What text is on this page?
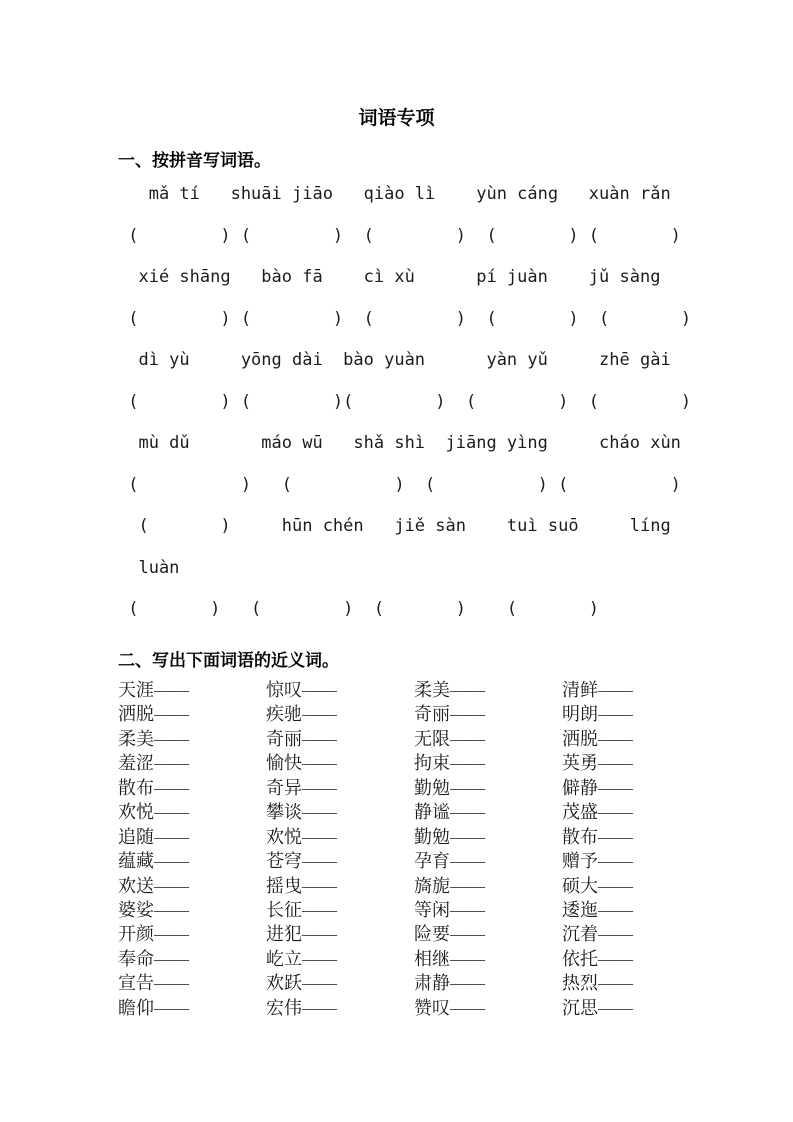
词语专项
一、按拼音写词语。
mǎ tí   shuāi jiāo   qiào lì    yùn cáng   xuàn rǎn
(        ) (        )  (        )  (       ) (       )
xié shāng   bào fā    cì xù      pí juàn    jǔ sàng
(        ) (        )  (        )  (       )  (       )
dì yù     yōng dài  bào yuàn      yàn yǔ     zhē gài
(        ) (        )(        )  (        )  (        )
mù dǔ       máo wū   shǎ shì  jiāng yìng     cháo xùn
(          )   (          )  (          ) (          )
(       )     hūn chén   jiě sàn    tuì suō     líng
luàn
(       )   (        )  (       )    (       )
二、写出下面词语的近义词。
天涯——	惊叹——	柔美——	清鲜——
洒脱——	疾驰——	奇丽——	明朗——
柔美——	奇丽——	无限——	洒脱——
羞涩——	愉快——	拘束——	英勇——
散布——	奇异——	勤勉——	僻静——
欢悦——	攀谈——	静谧——	茂盛——
追随——	欢悦——	勤勉——	散布——
蕴藏——	苍穹——	孕育——	赠予——
欢送——	摇曳——	旖旎——	硕大——
婆娑——	长征——	等闲——	逶迤——
开颜——	进犯——	险要——	沉着——
奉命——	屹立——	相继——	依托——
宣告——	欢跃——	肃静——	热烈——
瞻仰——	宏伟——	赞叹——	沉思——
